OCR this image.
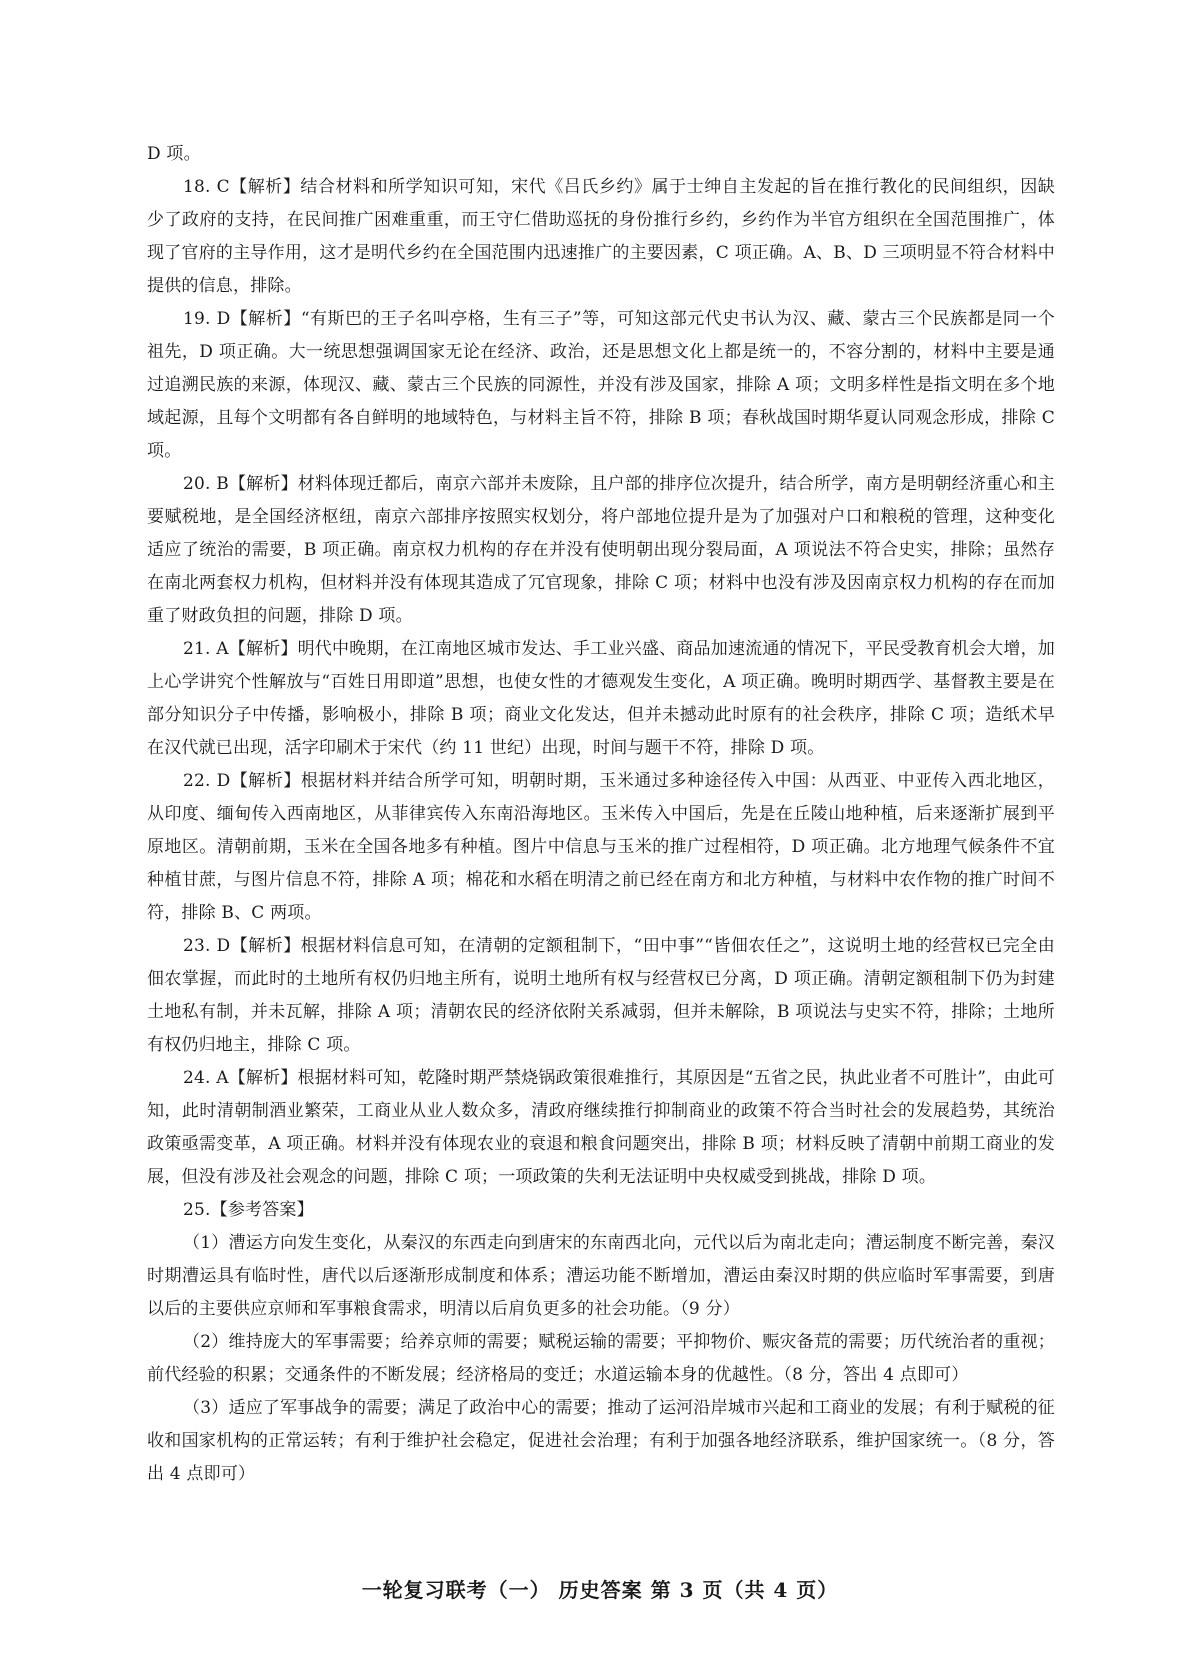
D 项。

18. C【解析】结合材料和所学知识可知，宋代《吕氏乡约》属于士绅自主发起的旨在推行教化的民间组织，因缺少了政府的支持，在民间推广困难重重，而王守仁借助巡抚的身份推行乡约，乡约作为半官方组织在全国范围推广，体现了官府的主导作用，这才是明代乡约在全国范围内迅速推广的主要因素，C 项正确。A、B、D 三项明显不符合材料中提供的信息，排除。

19. D【解析】“有斯巴的王子名叫亭格，生有三子”等，可知这部元代史书认为汉、藏、蒙古三个民族都是同一个祖先，D 项正确。大一统思想强调国家无论在经济、政治，还是思想文化上都是统一的，不容分割的，材料中主要是通过追溯民族的来源，体现汉、藏、蒙古三个民族的同源性，并没有涉及国家，排除 A 项；文明多样性是指文明在多个地域起源，且每个文明都有各自鲜明的地域特色，与材料主旨不符，排除 B 项；春秋战国时期华夏认同观念形成，排除 C 项。

20. B【解析】材料体现迁都后，南京六部并未废除，且户部的排序位次提升，结合所学，南方是明朝经济重心和主要赋税地，是全国经济枢纽，南京六部排序按照实权划分，将户部地位提升是为了加强对户口和粮税的管理，这种变化适应了统治的需要，B 项正确。南京权力机构的存在并没有使明朝出现分裂局面，A 项说法不符合史实，排除；虽然存在南北两套权力机构，但材料并没有体现其造成了冗官现象，排除 C 项；材料中也没有涉及因南京权力机构的存在而加重了财政负担的问题，排除 D 项。

21. A【解析】明代中晚期，在江南地区城市发达、手工业兴盛、商品加速流通的情况下，平民受教育机会大增，加上心学讲究个性解放与“百姓日用即道”思想，也使女性的才德观发生变化，A 项正确。晚明时期西学、基督教主要是在部分知识分子中传播，影响极小，排除 B 项；商业文化发达，但并未撼动此时原有的社会秩序，排除 C 项；造纸术早在汉代就已出现，活字印刷术于宋代（约 11 世纪）出现，时间与题干不符，排除 D 项。

22. D【解析】根据材料并结合所学可知，明朝时期，玉米通过多种途径传入中国：从西亚、中亚传入西北地区，从印度、缅甸传入西南地区，从菲律宾传入东南沿海地区。玉米传入中国后，先是在丘陵山地种植，后来逐渐扩展到平原地区。清朝前期，玉米在全国各地多有种植。图片中信息与玉米的推广过程相符，D 项正确。北方地理气候条件不宜种植甘蔗，与图片信息不符，排除 A 项；棉花和水稻在明清之前已经在南方和北方种植，与材料中农作物的推广时间不符，排除 B、C 两项。

23. D【解析】根据材料信息可知，在清朝的定额租制下，“田中事”“皆佃农任之”，这说明土地的经营权已完全由佃农掌握，而此时的土地所有权仍归地主所有，说明土地所有权与经营权已分离，D 项正确。清朝定额租制下仍为封建土地私有制，并未瓦解，排除 A 项；清朝农民的经济依附关系减弱，但并未解除，B 项说法与史实不符，排除；土地所有权仍归地主，排除 C 项。

24. A【解析】根据材料可知，乾隆时期严禁烧锅政策很难推行，其原因是“五省之民，执此业者不可胜计”，由此可知，此时清朝制酒业繁荣，工商业从业人数众多，清政府继续推行抑制商业的政策不符合当时社会的发展趋势，其统治政策亟需变革，A 项正确。材料并没有体现农业的衰退和粮食问题突出，排除 B 项；材料反映了清朝中前期工商业的发展，但没有涉及社会观念的问题，排除 C 项；一项政策的失利无法证明中央权威受到挑战，排除 D 项。

25.【参考答案】

（1）漕运方向发生变化，从秦汉的东西走向到唐宋的东南西北向，元代以后为南北走向；漕运制度不断完善，秦汉时期漕运具有临时性，唐代以后逐渐形成制度和体系；漕运功能不断增加，漕运由秦汉时期的供应临时军事需要，到唐以后的主要供应京师和军事粮食需求，明清以后肩负更多的社会功能。（9 分）

（2）维持庞大的军事需要；给养京师的需要；赋税运输的需要；平抑物价、赈灾备荒的需要；历代统治者的重视；前代经验的积累；交通条件的不断发展；经济格局的变迁；水道运输本身的优越性。（8 分，答出 4 点即可）

（3）适应了军事战争的需要；满足了政治中心的需要；推动了运河沿岸城市兴起和工商业的发展；有利于赋税的征收和国家机构的正常运转；有利于维护社会稳定，促进社会治理；有利于加强各地经济联系，维护国家统一。（8 分，答出 4 点即可）

一轮复习联考（一） 历史答案 第 3 页（共 4 页）
